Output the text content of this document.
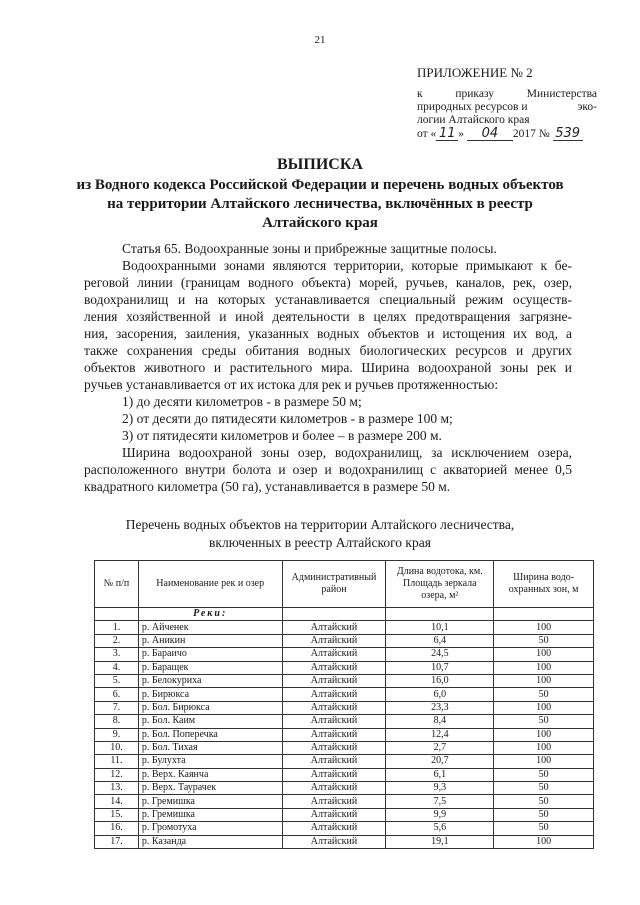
21
ПРИЛОЖЕНИЕ № 2
к	приказу	Министерства
природных ресурсов и	эко-
логии Алтайского края
от « 11 » 04 2017 № 539
ВЫПИСКА
из Водного кодекса Российской Федерации и перечень водных объектов
на территории Алтайского лесничества, включённых в реестр
Алтайского края

Статья 65. Водоохранные зоны и прибрежные защитные полосы.

Водоохранными зонами являются территории, которые примыкают к бе-

реговой линии (границам водного объекта) морей, ручьев, каналов, рек, озер,

водохранилищ и на которых устанавливается специальный режим осуществ-

ления хозяйственной и иной деятельности в целях предотвращения загрязне-

ния, засорения, заиления, указанных водных объектов и истощения их вод, а

также сохранения среды обитания водных биологических ресурсов и других

объектов животного и растительного мира. Ширина водоохраной зоны рек и

ручьев устанавливается от их истока для рек и ручьев протяженностью:

1) до десяти километров - в размере 50 м;

2) от десяти до пятидесяти километров - в размере 100 м;

3) от пятидесяти километров и более – в размере 200 м.

Ширина водоохраной зоны озер, водохранилищ, за исключением озера,

расположенного внутри болота и озер и водохранилищ с акваторией менее 0,5

квадратного километра (50 га), устанавливается в размере 50 м.

Перечень водных объектов на территории Алтайского лесничества,
включенных в реестр Алтайского края
№ п/п	Наименование рек и озер	Административный район	Длина водотока, км. Площадь зеркала озера, м²	Ширина водо-охранных зон, м
	Реки:			
1.	р. Айченек	Алтайский	10,1	100
2.	р. Аникин	Алтайский	6,4	50
3.	р. Бараичо	Алтайский	24,5	100
4.	р. Баращек	Алтайский	10,7	100
5.	р. Белокуриха	Алтайский	16,0	100
6.	р. Бирюкса	Алтайский	6,0	50
7.	р. Бол. Бирюкса	Алтайский	23,3	100
8.	р. Бол. Каим	Алтайский	8,4	50
9.	р. Бол. Поперечка	Алтайский	12,4	100
10.	р. Бол. Тихая	Алтайский	2,7	100
11.	р. Булухта	Алтайский	20,7	100
12.	р. Верх. Каянча	Алтайский	6,1	50
13.	р. Верх. Таурачек	Алтайский	9,3	50
14.	р. Гремишка	Алтайский	7,5	50
15.	р. Гремишка	Алтайский	9,9	50
16.	р. Громотуха	Алтайский	5,6	50
17.	р. Казанда	Алтайский	19,1	100
